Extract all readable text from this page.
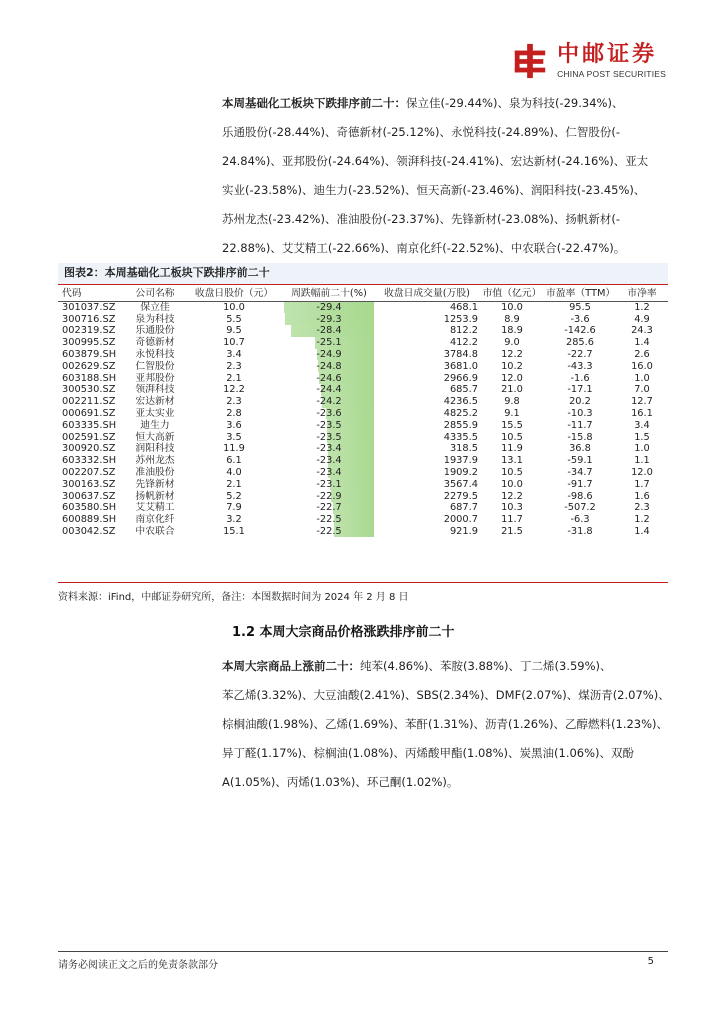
中邮证券
CHINA POST SECURITIES
本周基础化工板块下跌排序前二十：保立佳(-29.44%)、泉为科技(-29.34%)、
乐通股份(-28.44%)、奇德新材(-25.12%)、永悦科技(-24.89%)、仁智股份(-
24.84%)、亚邦股份(-24.64%)、领湃科技(-24.41%)、宏达新材(-24.16%)、亚太
实业(-23.58%)、迪生力(-23.52%)、恒天高新(-23.46%)、润阳科技(-23.45%)、
苏州龙杰(-23.42%)、准油股份(-23.37%)、先锋新材(-23.08%)、扬帆新材(-
22.88%)、艾艾精工(-22.66%)、南京化纤(-22.52%)、中农联合(-22.47%)。
图表2：本周基础化工板块下跌排序前二十
代码	公司名称	收盘日股价（元）	周跌幅前二十(%)	收盘日成交量(万股)	市值（亿元）	市盈率（TTM）	市净率
301037.SZ	保立佳	10.0	-29.4	468.1	10.0	95.5	1.2
300716.SZ	泉为科技	5.5	-29.3	1253.9	8.9	-3.6	4.9
002319.SZ	乐通股份	9.5	-28.4	812.2	18.9	-142.6	24.3
300995.SZ	奇德新材	10.7	-25.1	412.2	9.0	285.6	1.4
603879.SH	永悦科技	3.4	-24.9	3784.8	12.2	-22.7	2.6
002629.SZ	仁智股份	2.3	-24.8	3681.0	10.2	-43.3	16.0
603188.SH	亚邦股份	2.1	-24.6	2966.9	12.0	-1.6	1.0
300530.SZ	领湃科技	12.2	-24.4	685.7	21.0	-17.1	7.0
002211.SZ	宏达新材	2.3	-24.2	4236.5	9.8	20.2	12.7
000691.SZ	亚太实业	2.8	-23.6	4825.2	9.1	-10.3	16.1
603335.SH	迪生力	3.6	-23.5	2855.9	15.5	-11.7	3.4
002591.SZ	恒大高新	3.5	-23.5	4335.5	10.5	-15.8	1.5
300920.SZ	润阳科技	11.9	-23.4	318.5	11.9	36.8	1.0
603332.SH	苏州龙杰	6.1	-23.4	1937.9	13.1	-59.1	1.1
002207.SZ	准油股份	4.0	-23.4	1909.2	10.5	-34.7	12.0
300163.SZ	先锋新材	2.1	-23.1	3567.4	10.0	-91.7	1.7
300637.SZ	扬帆新材	5.2	-22.9	2279.5	12.2	-98.6	1.6
603580.SH	艾艾精工	7.9	-22.7	687.7	10.3	-507.2	2.3
600889.SH	南京化纤	3.2	-22.5	2000.7	11.7	-6.3	1.2
003042.SZ	中农联合	15.1	-22.5	921.9	21.5	-31.8	1.4
资料来源：iFind，中邮证券研究所，备注：本图数据时间为 2024 年 2 月 8 日
1.2 本周大宗商品价格涨跌排序前二十
本周大宗商品上涨前二十：纯苯(4.86%)、苯胺(3.88%)、丁二烯(3.59%)、
苯乙烯(3.32%)、大豆油酸(2.41%)、SBS(2.34%)、DMF(2.07%)、煤沥青(2.07%)、
棕榈油酸(1.98%)、乙烯(1.69%)、苯酐(1.31%)、沥青(1.26%)、乙醇燃料(1.23%)、
异丁醛(1.17%)、棕榈油(1.08%)、丙烯酸甲酯(1.08%)、炭黑油(1.06%)、双酚
A(1.05%)、丙烯(1.03%)、环己酮(1.02%)。
请务必阅读正文之后的免责条款部分	5
